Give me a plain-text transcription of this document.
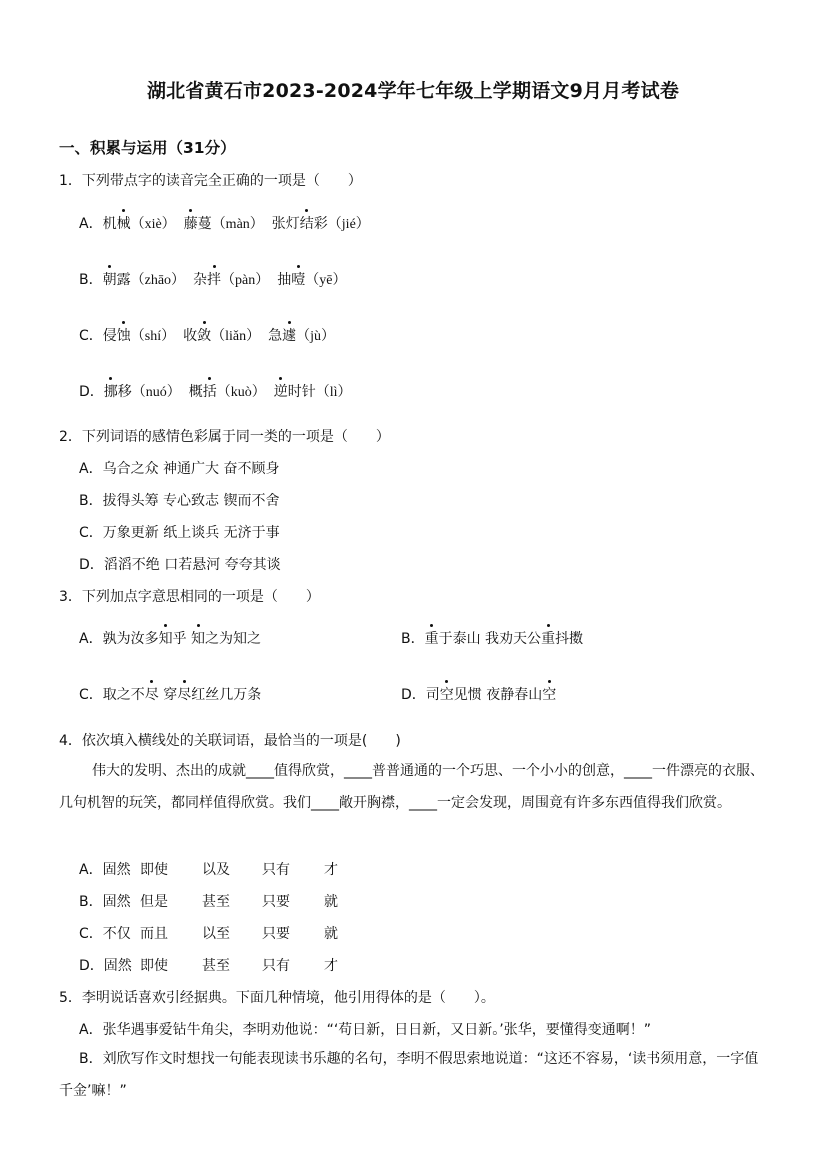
湖北省黄石市2023-2024学年七年级上学期语文9月月考试卷
一、积累与运用（31分）
1．下列带点字的读音完全正确的一项是（　　）
A．机械（xiè） 藤蔓（màn） 张灯结彩（jié）
B．朝露（zhāo） 杂拌（pàn） 抽噎（yē）
C．侵蚀（shí） 收敛（liǎn） 急遽（jù）
D．挪移（nuó） 概括（kuò） 逆时针（lì）
2．下列词语的感情色彩属于同一类的一项是（　　）
A．乌合之众 神通广大 奋不顾身
B．拔得头筹 专心致志 锲而不舍
C．万象更新 纸上谈兵 无济于事
D．滔滔不绝 口若悬河 夸夸其谈
3．下列加点字意思相同的一项是（　　）
A．孰为汝多知乎 知之为知之	B．重于泰山 我劝天公重抖擞
C．取之不尽 穿尽红丝几万条	D．司空见惯 夜静春山空
4．依次填入横线处的关联词语，最恰当的一项是(　　)
伟大的发明、杰出的成就____值得欣赏，____普普通通的一个巧思、一个小小的创意，____一件漂亮的衣服、几句机智的玩笑，都同样值得欣赏。我们____敞开胸襟，____一定会发现，周围竟有许多东西值得我们欣赏。
A．固然 即使 以及 只有 才
B．固然 但是 甚至 只要 就
C．不仅 而且 以至 只要 就
D．固然 即使 甚至 只有 才
5．李明说话喜欢引经据典。下面几种情境，他引用得体的是（　　）。
A．张华遇事爱钻牛角尖，李明劝他说：“‘苟日新，日日新，又日新。’张华，要懂得变通啊！”
B．刘欣写作文时想找一句能表现读书乐趣的名句，李明不假思索地说道：“这还不容易，‘读书须用意，一字值千金’嘛！”
